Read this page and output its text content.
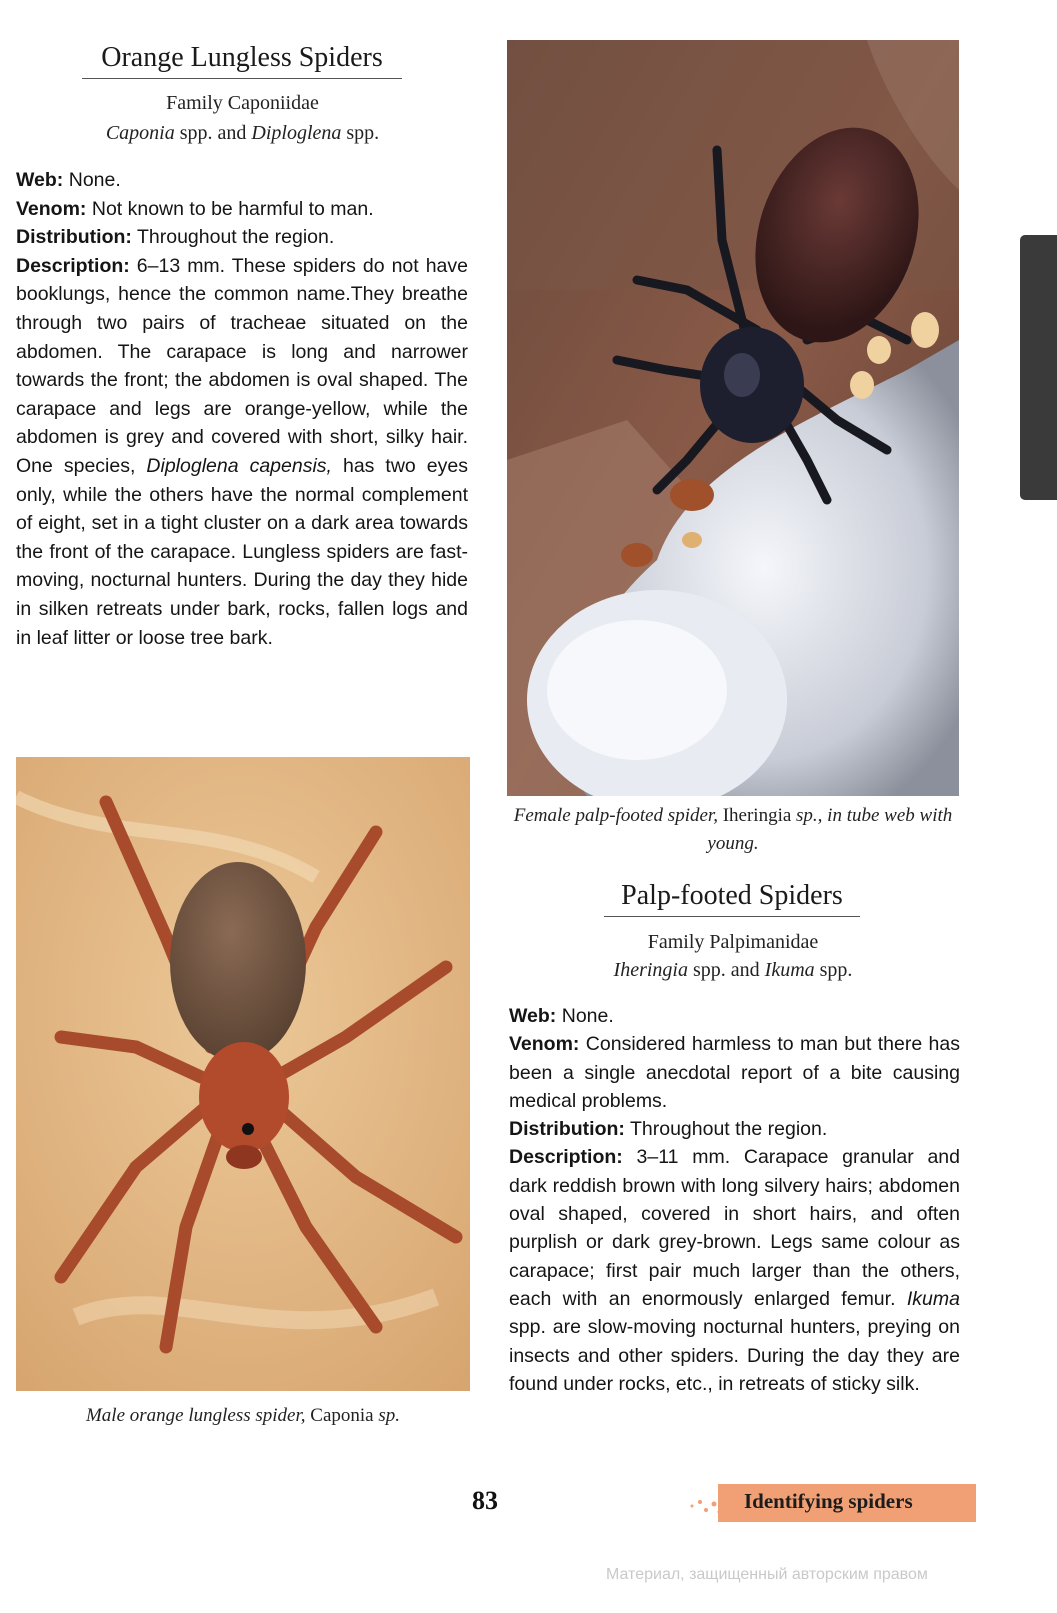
Orange Lungless Spiders
Family Caponiidae
Caponia spp. and Diploglena spp.

Web: None.

Venom: Not known to be harmful to man.

Distribution: Throughout the region.

Description: 6–13 mm. These spiders do not have booklungs, hence the common name.They breathe through two pairs of tracheae situated on the abdomen. The carapace is long and narrower towards the front; the abdomen is oval shaped. The carapace and legs are orange-yellow, while the abdomen is grey and covered with short, silky hair. One species, Diploglena capensis, has two eyes only, while the others have the normal complement of eight, set in a tight cluster on a dark area towards the front of the carapace. Lungless spiders are fast-moving, nocturnal hunters. During the day they hide in silken retreats under bark, rocks, fallen logs and in leaf litter or loose tree bark.

Female palp-footed spider, Iheringia sp., in tube web with young.
Male orange lungless spider, Caponia sp.
Palp-footed Spiders
Family Palpimanidae
Iheringia spp. and Ikuma spp.

Web: None.

Venom: Considered harmless to man but there has been a single anecdotal report of a bite causing medical problems.

Distribution: Throughout the region.

Description: 3–11 mm. Carapace granular and dark reddish brown with long silvery hairs; abdomen oval shaped, covered in short hairs, and often purplish or dark grey-brown. Legs same colour as carapace; first pair much larger than the others, each with an enormously enlarged femur. Ikuma spp. are slow-moving nocturnal hunters, preying on insects and other spiders. During the day they are found under rocks, etc., in retreats of sticky silk.

83	Identifying spiders
Материал, защищенный авторским правом
